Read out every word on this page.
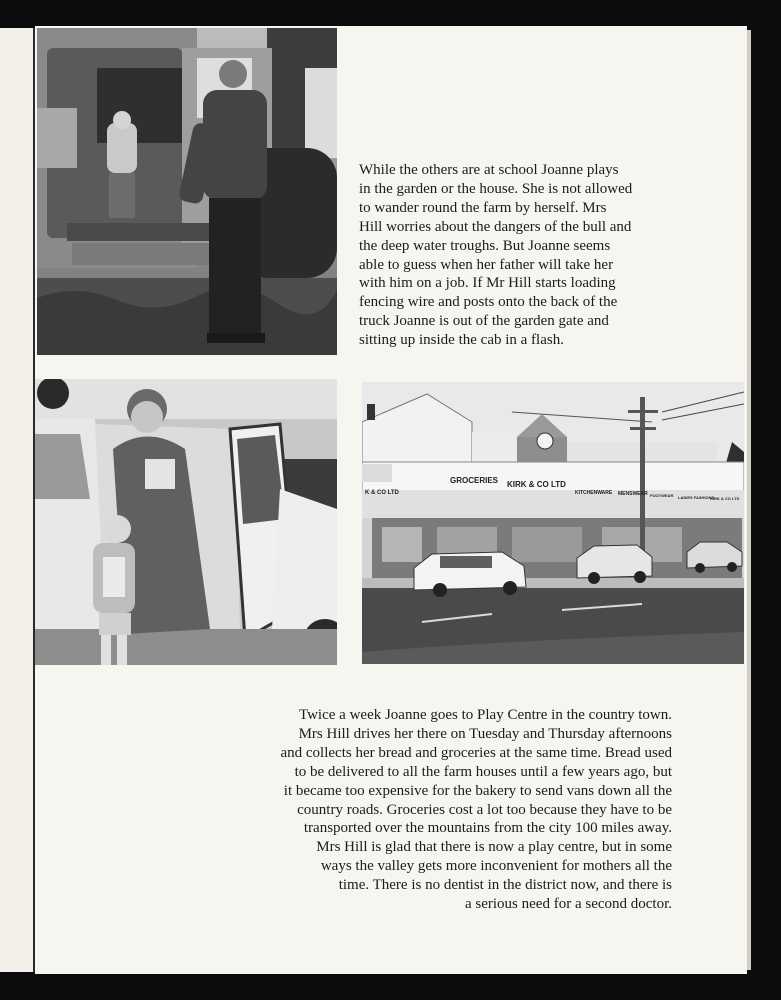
GROCERIES KIRK & CO LTD
K & CO LTD	KITCHENWARE MENSWEAR FOOTWEAR LADIES FASHIONS
KIRK & CO LTD

While the others are at school Joanne plays
in the garden or the house. She is not allowed
to wander round the farm by herself. Mrs
Hill worries about the dangers of the bull and
the deep water troughs. But Joanne seems
able to guess when her father will take her
with him on a job. If Mr Hill starts loading
fencing wire and posts onto the back of the
truck Joanne is out of the garden gate and
sitting up inside the cab in a flash.

Twice a week Joanne goes to Play Centre in the country town.
Mrs Hill drives her there on Tuesday and Thursday afternoons
and collects her bread and groceries at the same time. Bread used
to be delivered to all the farm houses until a few years ago, but
it became too expensive for the bakery to send vans down all the
country roads. Groceries cost a lot too because they have to be
transported over the mountains from the city 100 miles away.
Mrs Hill is glad that there is now a play centre, but in some
ways the valley gets more inconvenient for mothers all the
time. There is no dentist in the district now, and there is
a serious need for a second doctor.
